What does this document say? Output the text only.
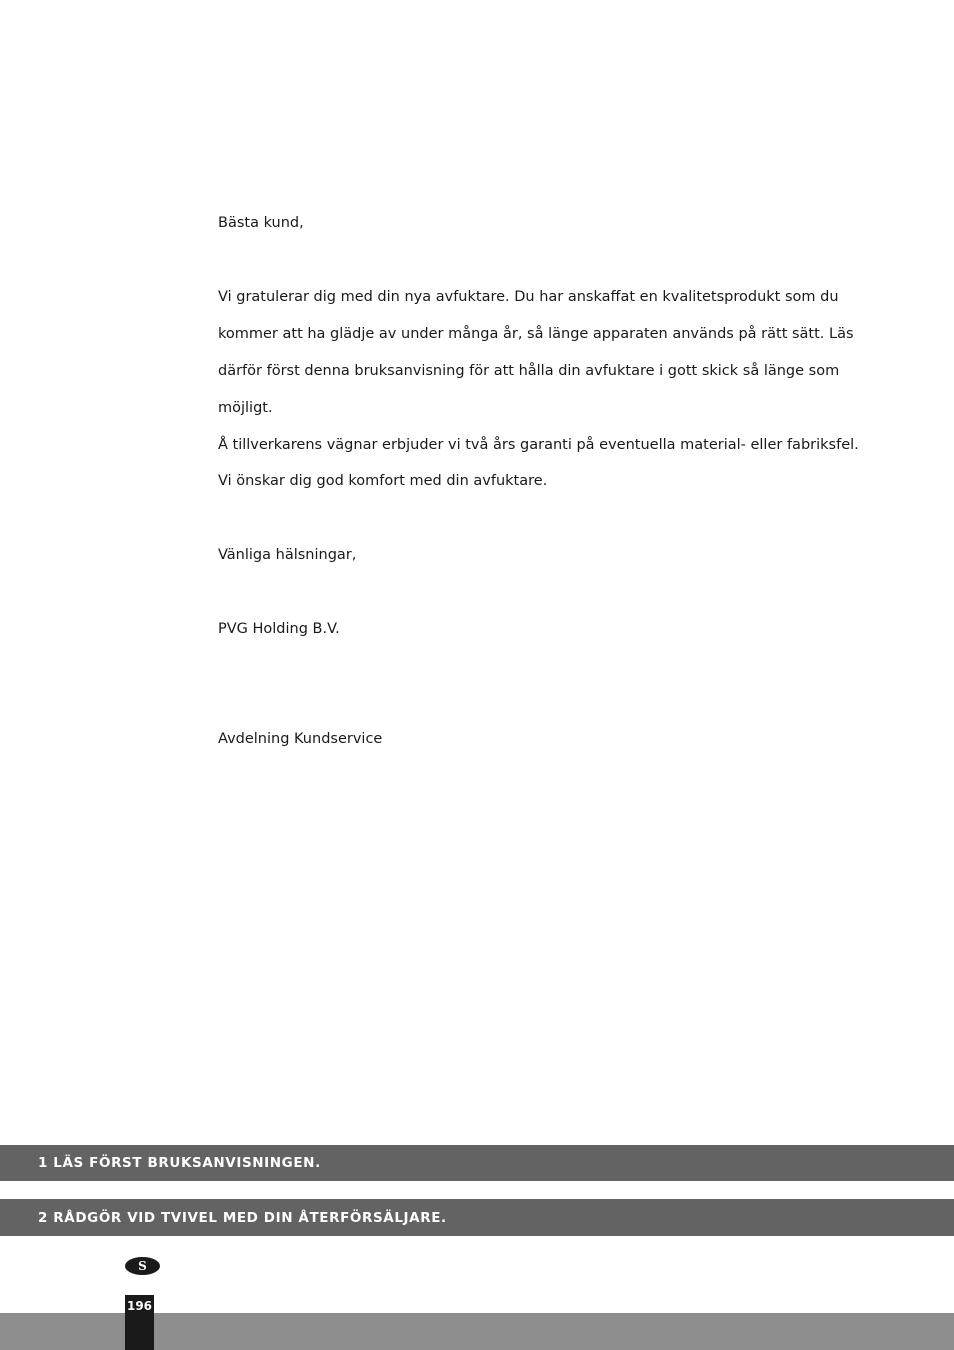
Bästa kund,

Vi gratulerar dig med din nya avfuktare. Du har anskaffat en kvalitetsprodukt som du

kommer att ha glädje av under många år, så länge apparaten används på rätt sätt. Läs

därför först denna bruksanvisning för att hålla din avfuktare i gott skick så länge som

möjligt.

Å tillverkarens vägnar erbjuder vi två års garanti på eventuella material- eller fabriksfel.

Vi önskar dig god komfort med din avfuktare.

Vänliga hälsningar,

PVG Holding B.V.

Avdelning Kundservice

1 LÄS FÖRST BRUKSANVISNINGEN.
2 RÅDGÖR VID TVIVEL MED DIN ÅTERFÖRSÄLJARE.
S
196
